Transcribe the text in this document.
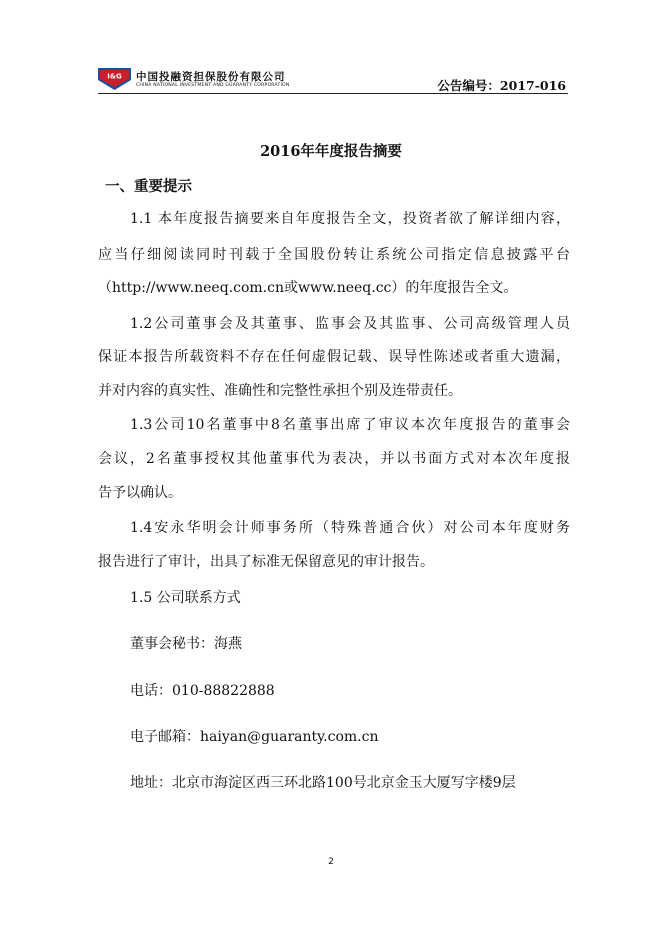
I&G 中国投融资担保股份有限公司
CHINA NATIONAL INVESTMENT AND GUARANTY CORPORATION	公告编号：2017-016
2016年年度报告摘要
一、重要提示
1.1 本年度报告摘要来自年度报告全文，投资者欲了解详细内容，
应当仔细阅读同时刊载于全国股份转让系统公司指定信息披露平台
（http://www.neeq.com.cn或www.neeq.cc）的年度报告全文。
1.2公司董事会及其董事、监事会及其监事、公司高级管理人员
保证本报告所载资料不存在任何虚假记载、误导性陈述或者重大遗漏，
并对内容的真实性、准确性和完整性承担个别及连带责任。
1.3公司10名董事中8名董事出席了审议本次年度报告的董事会
会议，2名董事授权其他董事代为表决，并以书面方式对本次年度报
告予以确认。
1.4安永华明会计师事务所（特殊普通合伙）对公司本年度财务
报告进行了审计，出具了标准无保留意见的审计报告。
1.5 公司联系方式
董事会秘书：海燕
电话：010-88822888
电子邮箱：haiyan@guaranty.com.cn
地址：北京市海淀区西三环北路100号北京金玉大厦写字楼9层
2
